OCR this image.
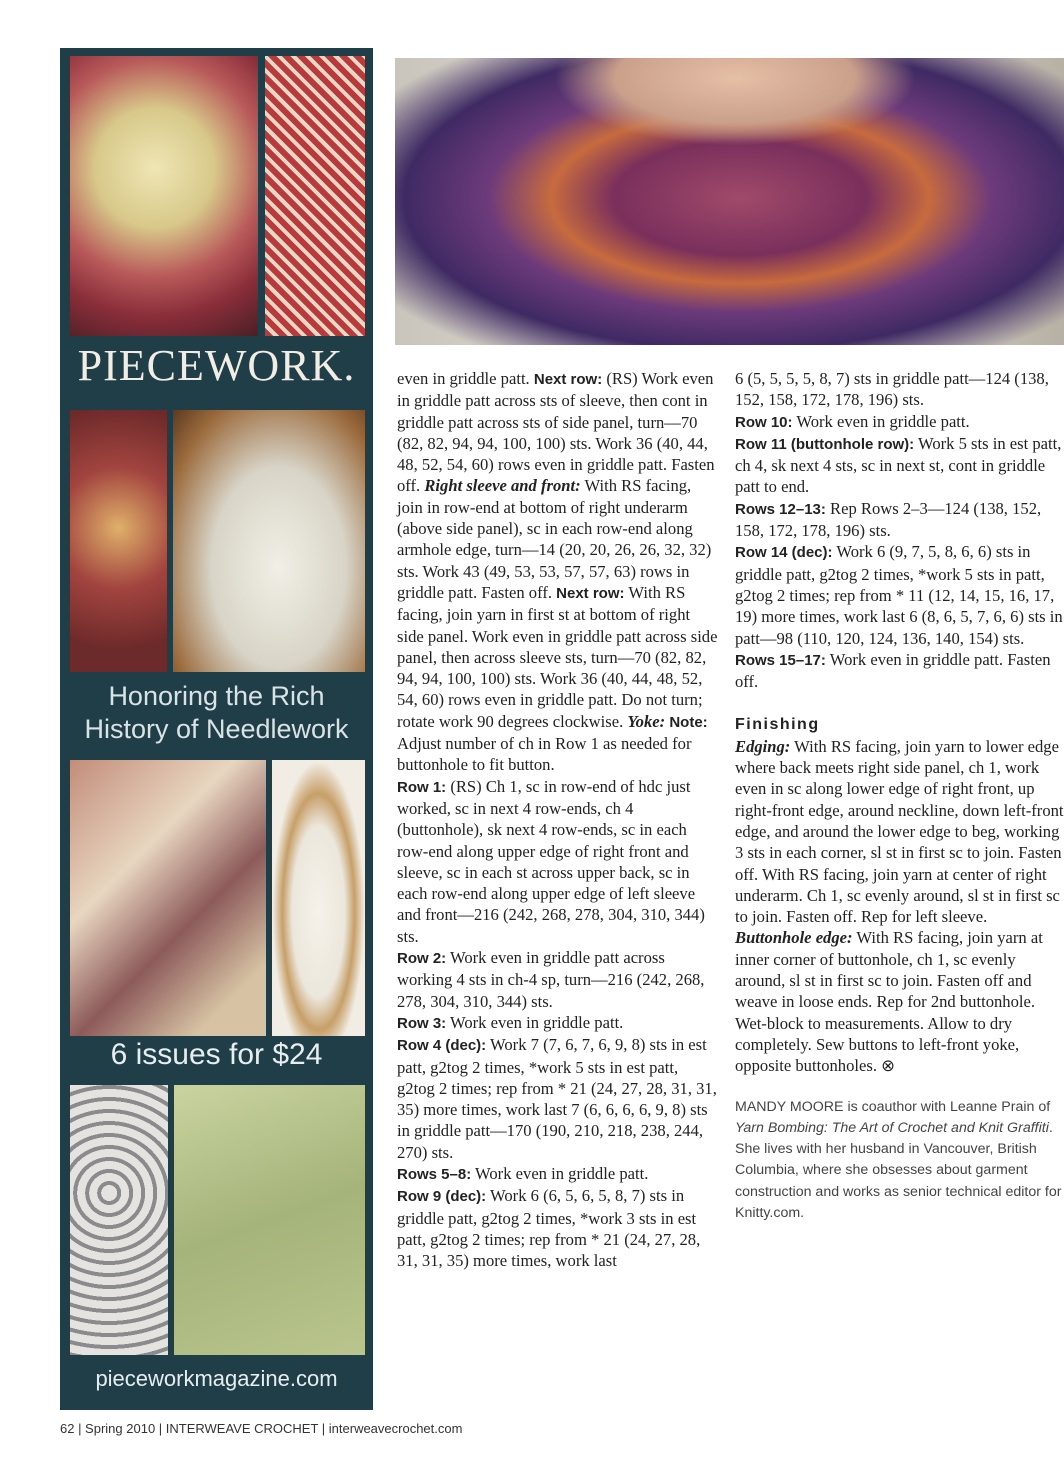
PIECEWORK.
Honoring the Rich
History of Needlework
6 issues for $24
pieceworkmagazine.com

even in griddle patt. Next row: (RS) Work even in griddle patt across sts of sleeve, then cont in griddle patt across sts of side panel, turn—70 (82, 82, 94, 94, 100, 100) sts. Work 36 (40, 44, 48, 52, 54, 60) rows even in griddle patt. Fasten off. Right sleeve and front: With RS facing, join in row-end at bottom of right underarm (above side panel), sc in each row-end along armhole edge, turn—14 (20, 20, 26, 26, 32, 32) sts. Work 43 (49, 53, 53, 57, 57, 63) rows in griddle patt. Fasten off. Next row: With RS facing, join yarn in first st at bottom of right side panel. Work even in griddle patt across side panel, then across sleeve sts, turn—70 (82, 82, 94, 94, 100, 100) sts. Work 36 (40, 44, 48, 52, 54, 60) rows even in griddle patt. Do not turn; rotate work 90 degrees clockwise. Yoke: Note: Adjust number of ch in Row 1 as needed for buttonhole to fit button.

Row 1: (RS) Ch 1, sc in row-end of hdc just worked, sc in next 4 row-ends, ch 4 (buttonhole), sk next 4 row-ends, sc in each row-end along upper edge of right front and sleeve, sc in each st across upper back, sc in each row-end along upper edge of left sleeve and front—216 (242, 268, 278, 304, 310, 344) sts.

Row 2: Work even in griddle patt across working 4 sts in ch-4 sp, turn—216 (242, 268, 278, 304, 310, 344) sts.

Row 3: Work even in griddle patt.

Row 4 (dec): Work 7 (7, 6, 7, 6, 9, 8) sts in est patt, g2tog 2 times, *work 5 sts in est patt, g2tog 2 times; rep from * 21 (24, 27, 28, 31, 31, 35) more times, work last 7 (6, 6, 6, 6, 9, 8) sts in griddle patt—170 (190, 210, 218, 238, 244, 270) sts.

Rows 5–8: Work even in griddle patt.

Row 9 (dec): Work 6 (6, 5, 6, 5, 8, 7) sts in griddle patt, g2tog 2 times, *work 3 sts in est patt, g2tog 2 times; rep from * 21 (24, 27, 28, 31, 31, 35) more times, work last

6 (5, 5, 5, 5, 8, 7) sts in griddle patt—124 (138, 152, 158, 172, 178, 196) sts.

Row 10: Work even in griddle patt.

Row 11 (buttonhole row): Work 5 sts in est patt, ch 4, sk next 4 sts, sc in next st, cont in griddle patt to end.

Rows 12–13: Rep Rows 2–3—124 (138, 152, 158, 172, 178, 196) sts.

Row 14 (dec): Work 6 (9, 7, 5, 8, 6, 6) sts in griddle patt, g2tog 2 times, *work 5 sts in patt, g2tog 2 times; rep from * 11 (12, 14, 15, 16, 17, 19) more times, work last 6 (8, 6, 5, 7, 6, 6) sts in patt—98 (110, 120, 124, 136, 140, 154) sts.

Rows 15–17: Work even in griddle patt. Fasten off.

Finishing

Edging: With RS facing, join yarn to lower edge where back meets right side panel, ch 1, work even in sc along lower edge of right front, up right-front edge, around neckline, down left-front edge, and around the lower edge to beg, working 3 sts in each corner, sl st in first sc to join. Fasten off. With RS facing, join yarn at center of right underarm. Ch 1, sc evenly around, sl st in first sc to join. Fasten off. Rep for left sleeve. Buttonhole edge: With RS facing, join yarn at inner corner of buttonhole, ch 1, sc evenly around, sl st in first sc to join. Fasten off and weave in loose ends. Rep for 2nd buttonhole. Wet-block to measurements. Allow to dry completely. Sew buttons to left-front yoke, opposite buttonholes. ⊗

MANDY MOORE is coauthor with Leanne Prain of Yarn Bombing: The Art of Crochet and Knit Graffiti. She lives with her husband in Vancouver, British Columbia, where she obsesses about garment construction and works as senior technical editor for Knitty.com.

62 | Spring 2010 | INTERWEAVE CROCHET | interweavecrochet.com
